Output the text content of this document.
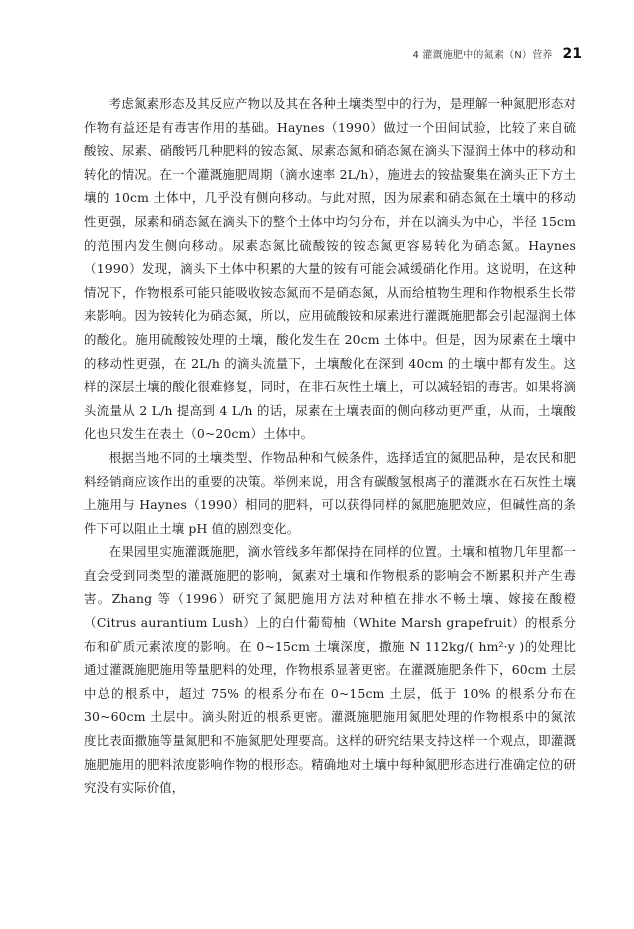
4 灌溉施肥中的氮素（N）营养 21

考虑氮素形态及其反应产物以及其在各种土壤类型中的行为，是理解一种氮肥形态对作物有益还是有毒害作用的基础。Haynes（1990）做过一个田间试验，比较了来自硫酸铵、尿素、硝酸钙几种肥料的铵态氮、尿素态氮和硝态氮在滴头下湿润土体中的移动和转化的情况。在一个灌溉施肥周期（滴水速率 2L/h），施进去的铵盐聚集在滴头正下方土壤的 10cm 土体中，几乎没有侧向移动。与此对照，因为尿素和硝态氮在土壤中的移动性更强，尿素和硝态氮在滴头下的整个土体中均匀分布，并在以滴头为中心，半径 15cm 的范围内发生侧向移动。尿素态氮比硫酸铵的铵态氮更容易转化为硝态氮。Haynes（1990）发现，滴头下土体中积累的大量的铵有可能会减缓硝化作用。这说明，在这种情况下，作物根系可能只能吸收铵态氮而不是硝态氮，从而给植物生理和作物根系生长带来影响。因为铵转化为硝态氮，所以，应用硫酸铵和尿素进行灌溉施肥都会引起湿润土体的酸化。施用硫酸铵处理的土壤，酸化发生在 20cm 土体中。但是，因为尿素在土壤中的移动性更强，在 2L/h 的滴头流量下，土壤酸化在深到 40cm 的土壤中都有发生。这样的深层土壤的酸化很难修复，同时，在非石灰性土壤上，可以减轻铝的毒害。如果将滴头流量从 2 L/h 提高到 4 L/h 的话，尿素在土壤表面的侧向移动更严重，从而，土壤酸化也只发生在表土（0~20cm）土体中。

根据当地不同的土壤类型、作物品种和气候条件，选择适宜的氮肥品种，是农民和肥料经销商应该作出的重要的决策。举例来说，用含有碳酸氢根离子的灌溉水在石灰性土壤上施用与 Haynes（1990）相同的肥料，可以获得同样的氮肥施肥效应，但碱性高的条件下可以阻止土壤 pH 值的剧烈变化。

在果园里实施灌溉施肥，滴水管线多年都保持在同样的位置。土壤和植物几年里都一直会受到同类型的灌溉施肥的影响，氮素对土壤和作物根系的影响会不断累积并产生毒害。Zhang 等（1996）研究了氮肥施用方法对种植在排水不畅土壤、嫁接在酸橙（Citrus aurantium Lush）上的白什葡萄柚（White Marsh grapefruit）的根系分布和矿质元素浓度的影响。在 0~15cm 土壤深度，撒施 N 112kg/( hm²·y )的处理比通过灌溉施肥施用等量肥料的处理，作物根系显著更密。在灌溉施肥条件下，60cm 土层中总的根系中，超过 75% 的根系分布在 0~15cm 土层，低于 10% 的根系分布在 30~60cm 土层中。滴头附近的根系更密。灌溉施肥施用氮肥处理的作物根系中的氮浓度比表面撒施等量氮肥和不施氮肥处理要高。这样的研究结果支持这样一个观点，即灌溉施肥施用的肥料浓度影响作物的根形态。精确地对土壤中每种氮肥形态进行准确定位的研究没有实际价值，
